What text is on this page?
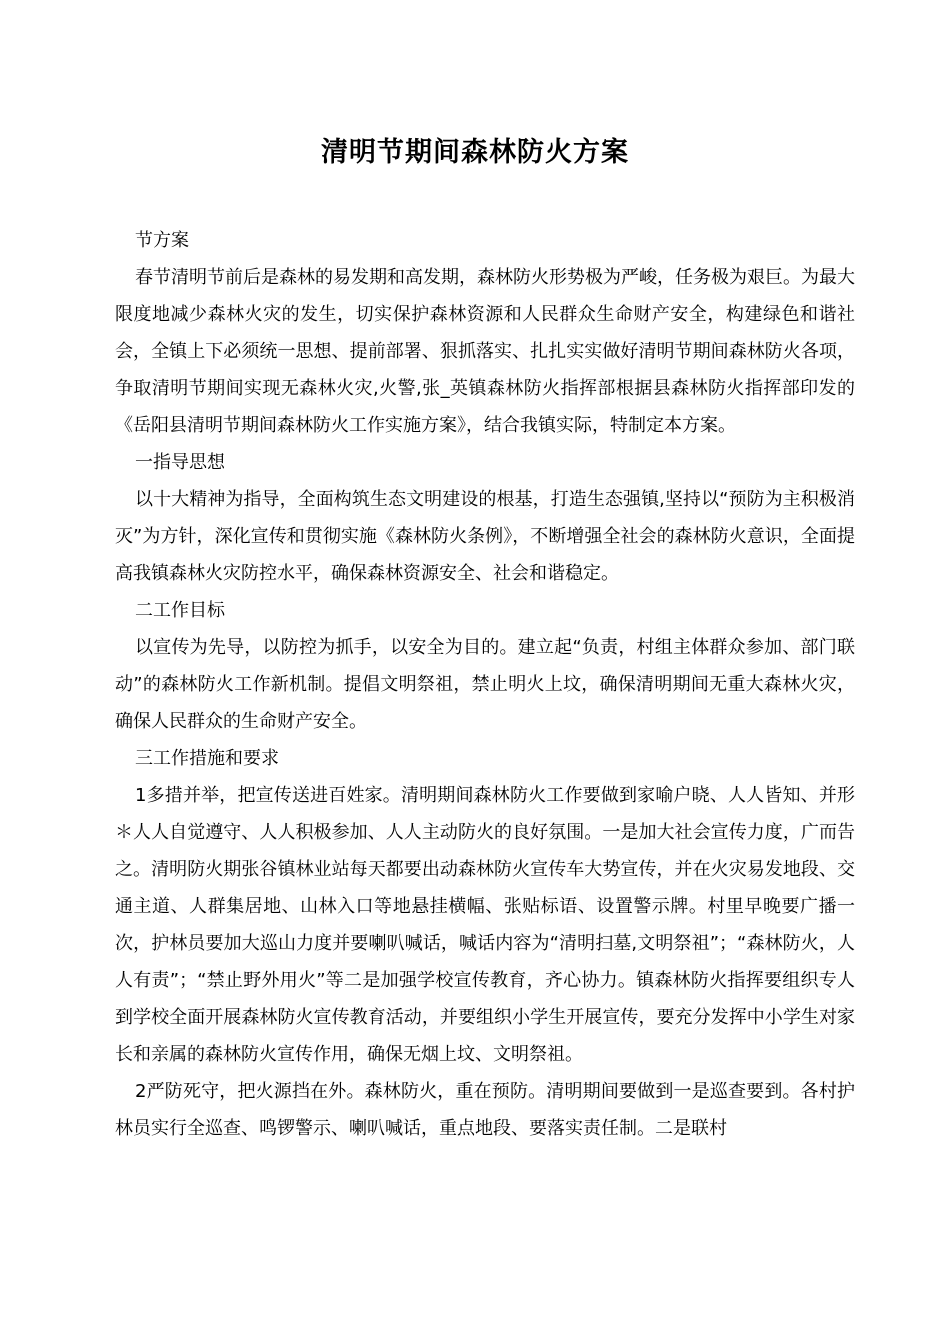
清明节期间森林防火方案

节方案

春节清明节前后是森林的易发期和高发期，森林防火形势极为严峻，任务极为艰巨。为最大限度地减少森林火灾的发生，切实保护森林资源和人民群众生命财产安全，构建绿色和谐社会，全镇上下必须统一思想、提前部署、狠抓落实、扎扎实实做好清明节期间森林防火各项，争取清明节期间实现无森林火灾,火警,张_英镇森林防火指挥部根据县森林防火指挥部印发的《岳阳县清明节期间森林防火工作实施方案》，结合我镇实际，特制定本方案。

一指导思想

以十大精神为指导，全面构筑生态文明建设的根基，打造生态强镇,坚持以“预防为主积极消灭”为方针，深化宣传和贯彻实施《森林防火条例》，不断增强全社会的森林防火意识，全面提高我镇森林火灾防控水平，确保森林资源安全、社会和谐稳定。

二工作目标

以宣传为先导，以防控为抓手，以安全为目的。建立起“负责，村组主体群众参加、部门联动”的森林防火工作新机制。提倡文明祭祖，禁止明火上坟，确保清明期间无重大森林火灾，确保人民群众的生命财产安全。

三工作措施和要求

1多措并举，把宣传送进百姓家。清明期间森林防火工作要做到家喻户晓、人人皆知、并形＊人人自觉遵守、人人积极参加、人人主动防火的良好氛围。一是加大社会宣传力度，广而告之。清明防火期张谷镇林业站每天都要出动森林防火宣传车大势宣传，并在火灾易发地段、交通主道、人群集居地、山林入口等地悬挂横幅、张贴标语、设置警示牌。村里早晚要广播一次，护林员要加大巡山力度并要喇叭喊话，喊话内容为“清明扫墓,文明祭祖”；“森林防火，人人有责”；“禁止野外用火”等二是加强学校宣传教育，齐心协力。镇森林防火指挥要组织专人到学校全面开展森林防火宣传教育活动，并要组织小学生开展宣传，要充分发挥中小学生对家长和亲属的森林防火宣传作用，确保无烟上坟、文明祭祖。

2严防死守，把火源挡在外。森林防火，重在预防。清明期间要做到一是巡查要到。各村护林员实行全巡查、鸣锣警示、喇叭喊话，重点地段、要落实责任制。二是联村
